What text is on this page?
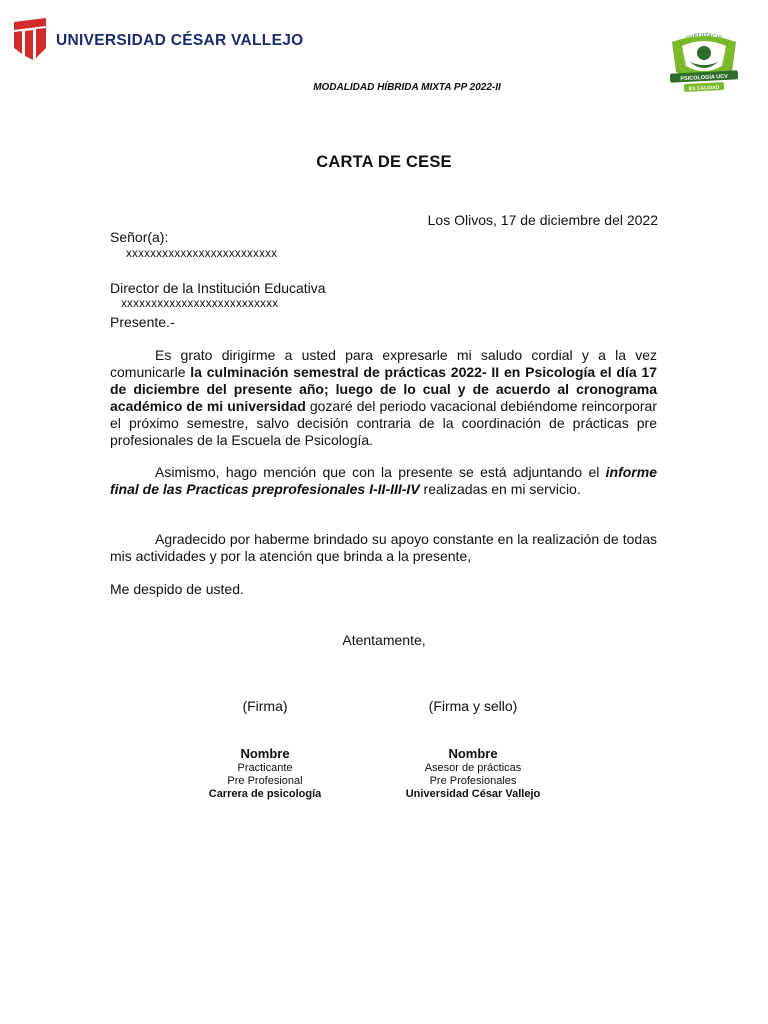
UNIVERSIDAD CÉSAR VALLEJO
PSICOLOGÍA UCV
ES CALIDAD
MODALIDAD HÍBRIDA MIXTA PP 2022-II
CARTA DE CESE
Los Olivos, 17 de diciembre del 2022
Señor(a):
xxxxxxxxxxxxxxxxxxxxxxxxx
Director de la Institución Educativa
xxxxxxxxxxxxxxxxxxxxxxxxxx
Presente.-
Es grato dirigirme a usted para expresarle mi saludo cordial y a la vez comunicarle la culminación semestral de prácticas 2022- II en Psicología el día 17 de diciembre del presente año; luego de lo cual y de acuerdo al cronograma académico de mi universidad gozaré del periodo vacacional debiéndome reincorporar el próximo semestre, salvo decisión contraria de la coordinación de prácticas pre profesionales de la Escuela de Psicología.
Asimismo, hago mención que con la presente se está adjuntando el informe final de las Practicas preprofesionales I-II-III-IV realizadas en mi servicio.
Agradecido por haberme brindado su apoyo constante en la realización de todas mis actividades y por la atención que brinda a la presente,
Me despido de usted.
Atentamente,
(Firma)
Nombre
Practicante
Pre Profesional
Carrera de psicología
(Firma y sello)
Nombre
Asesor de prácticas
Pre Profesionales
Universidad César Vallejo
